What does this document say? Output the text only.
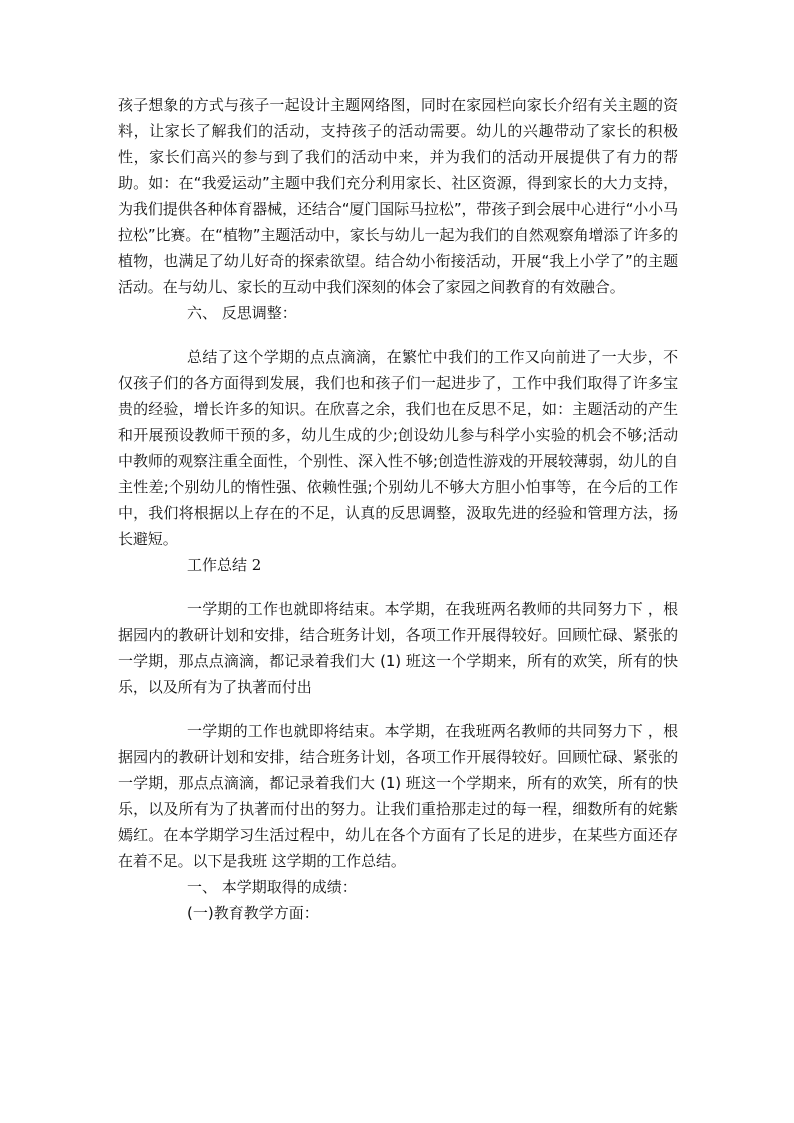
孩子想象的方式与孩子一起设计主题网络图，同时在家园栏向家长介绍有关主题的资料，让家长了解我们的活动，支持孩子的活动需要。幼儿的兴趣带动了家长的积极性，家长们高兴的参与到了我们的活动中来，并为我们的活动开展提供了有力的帮助。如：在“我爱运动”主题中我们充分利用家长、社区资源，得到家长的大力支持，为我们提供各种体育器械，还结合“厦门国际马拉松”，带孩子到会展中心进行“小小马拉松”比赛。在“植物”主题活动中，家长与幼儿一起为我们的自然观察角增添了许多的植物，也满足了幼儿好奇的探索欲望。结合幼小衔接活动，开展“我上小学了”的主题活动。在与幼儿、家长的互动中我们深刻的体会了家园之间教育的有效融合。

六、 反思调整：

总结了这个学期的点点滴滴，在繁忙中我们的工作又向前进了一大步，不仅孩子们的各方面得到发展，我们也和孩子们一起进步了，工作中我们取得了许多宝贵的经验，增长许多的知识。在欣喜之余，我们也在反思不足，如：主题活动的产生和开展预设教师干预的多，幼儿生成的少;创设幼儿参与科学小实验的机会不够;活动中教师的观察注重全面性，个别性、深入性不够;创造性游戏的开展较薄弱，幼儿的自主性差;个别幼儿的惰性强、依赖性强;个别幼儿不够大方胆小怕事等，在今后的工作中，我们将根据以上存在的不足，认真的反思调整，汲取先进的经验和管理方法，扬长避短。

工作总结 2

一学期的工作也就即将结束。本学期，在我班两名教师的共同努力下 ，根据园内的教研计划和安排，结合班务计划，各项工作开展得较好。回顾忙碌、紧张的一学期，那点点滴滴，都记录着我们大 (1) 班这一个学期来，所有的欢笑，所有的快乐，以及所有为了执著而付出

一学期的工作也就即将结束。本学期，在我班两名教师的共同努力下 ，根据园内的教研计划和安排，结合班务计划，各项工作开展得较好。回顾忙碌、紧张的一学期，那点点滴滴，都记录着我们大 (1) 班这一个学期来，所有的欢笑，所有的快乐，以及所有为了执著而付出的努力。让我们重拾那走过的每一程，细数所有的姹紫嫣红。在本学期学习生活过程中，幼儿在各个方面有了长足的进步，在某些方面还存在着不足。以下是我班 这学期的工作总结。

一、 本学期取得的成绩：

(一)教育教学方面：
